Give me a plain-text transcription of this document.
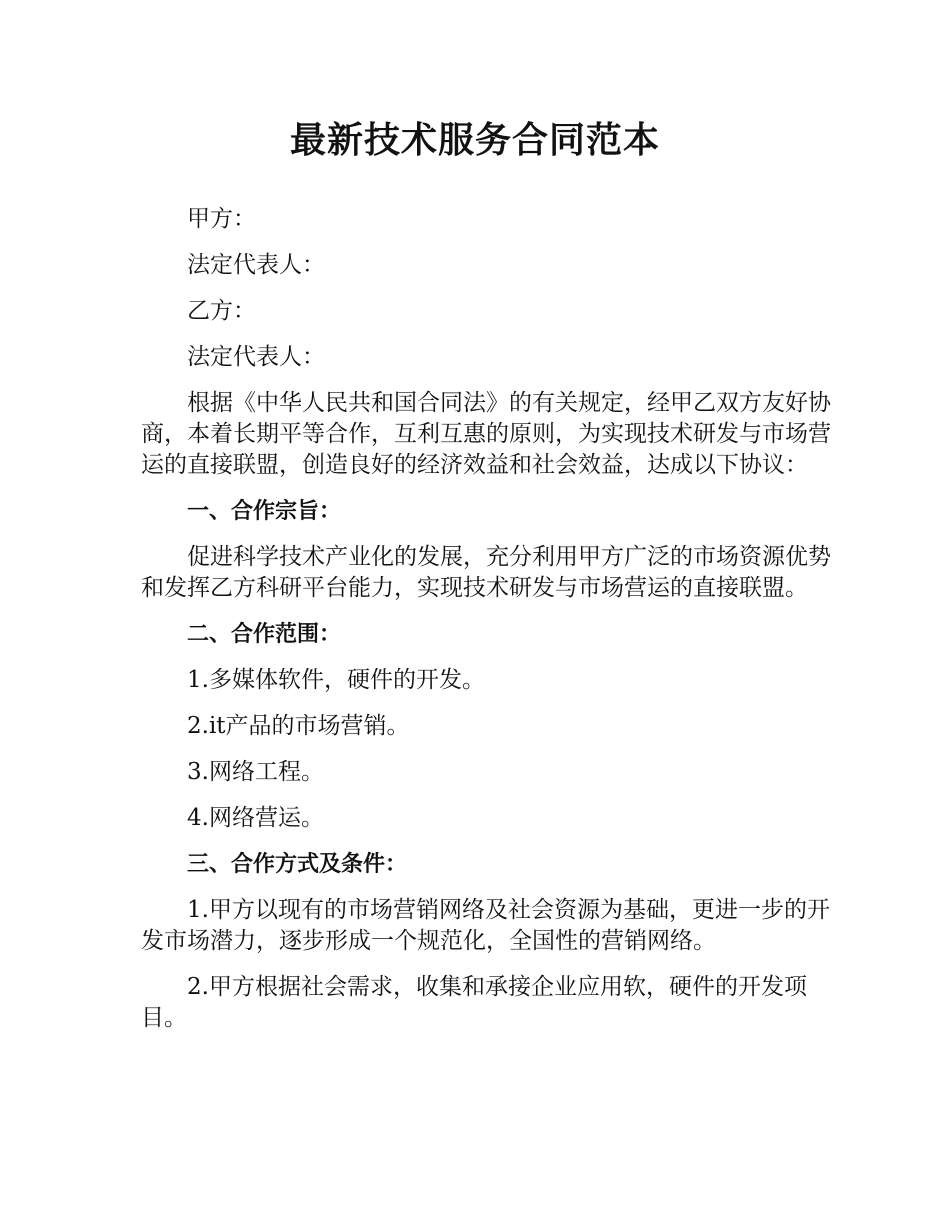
最新技术服务合同范本

甲方：

法定代表人：

乙方：

法定代表人：

根据《中华人民共和国合同法》的有关规定，经甲乙双方友好协商，本着长期平等合作，互利互惠的原则，为实现技术研发与市场营运的直接联盟，创造良好的经济效益和社会效益，达成以下协议：

一、合作宗旨：

促进科学技术产业化的发展，充分利用甲方广泛的市场资源优势和发挥乙方科研平台能力，实现技术研发与市场营运的直接联盟。

二、合作范围：

1.多媒体软件，硬件的开发。

2.it产品的市场营销。

3.网络工程。

4.网络营运。

三、合作方式及条件：

1.甲方以现有的市场营销网络及社会资源为基础，更进一步的开发市场潜力，逐步形成一个规范化，全国性的营销网络。

2.甲方根据社会需求，收集和承接企业应用软，硬件的开发项目。
